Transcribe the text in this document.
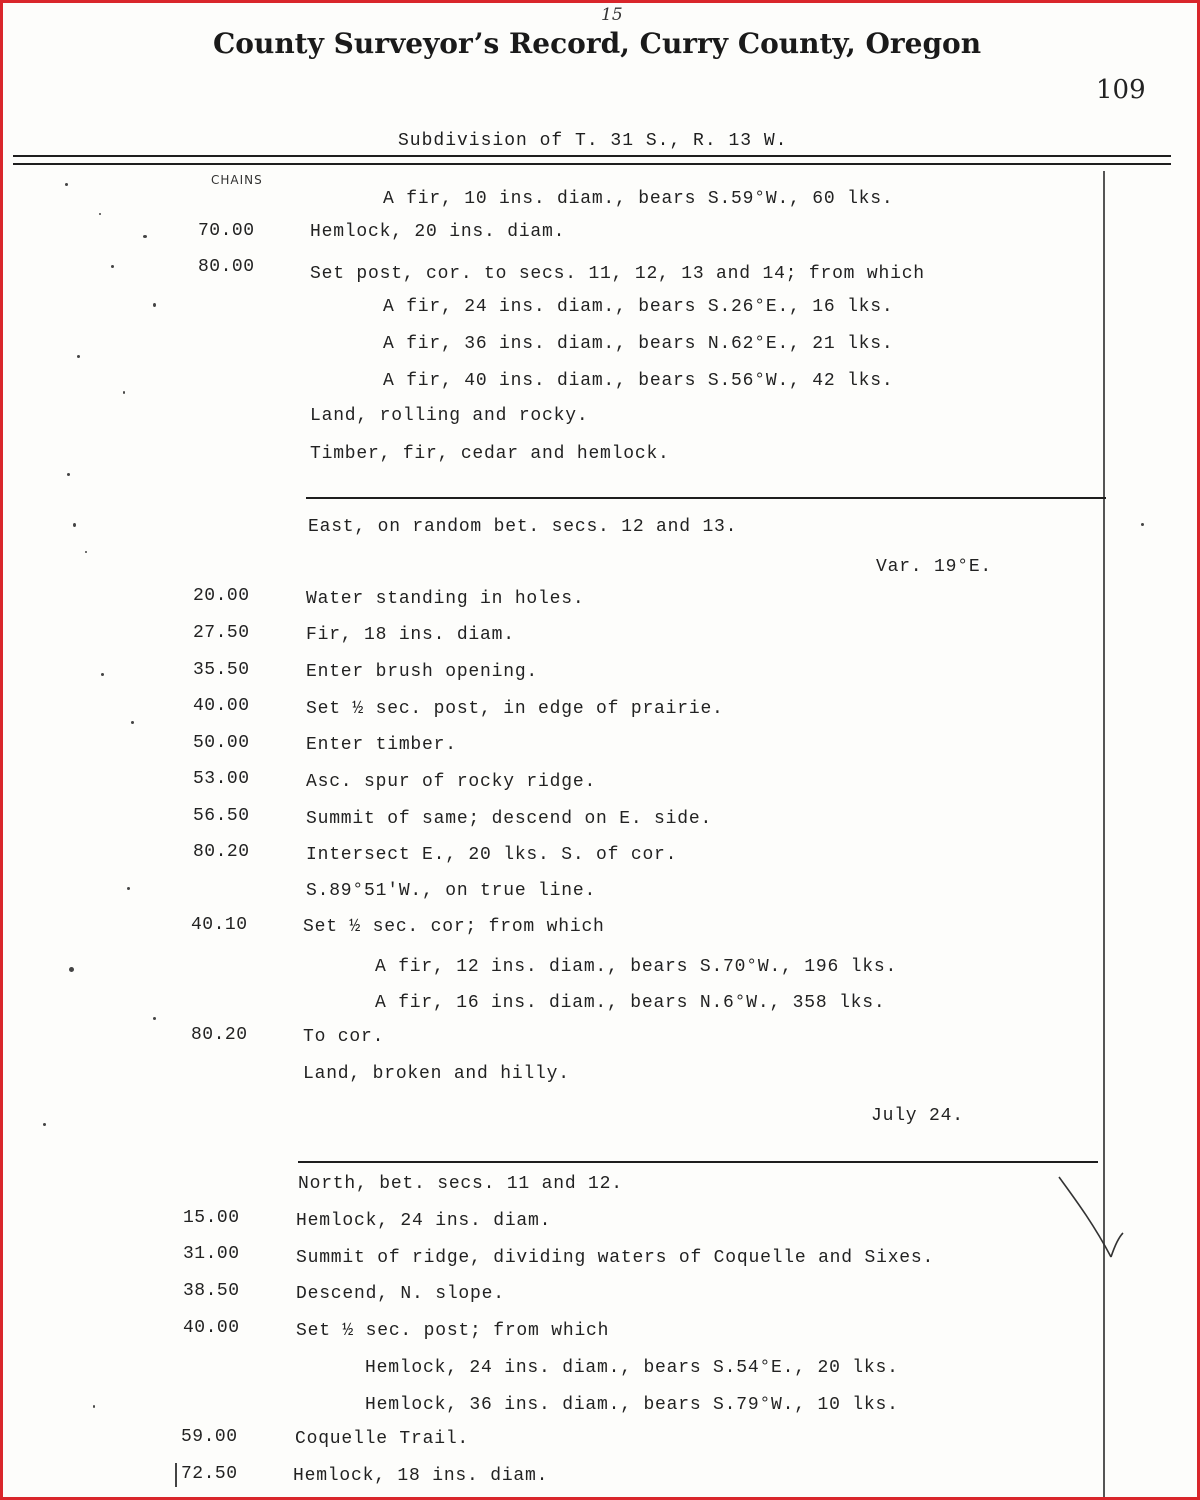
15
County Surveyor’s Record, Curry County, Oregon
109
Subdivision of T. 31 S., R. 13 W.
CHAINS
A fir, 10 ins. diam., bears S.59°W., 60 lks.
70.00	Hemlock, 20 ins. diam.
80.00	Set post, cor. to secs. 11, 12, 13 and 14; from which
A fir, 24 ins. diam., bears S.26°E., 16 lks.
A fir, 36 ins. diam., bears N.62°E., 21 lks.
A fir, 40 ins. diam., bears S.56°W., 42 lks.
Land, rolling and rocky.
Timber, fir, cedar and hemlock.
East, on random bet. secs. 12 and 13.
Var. 19°E.
20.00	Water standing in holes.
27.50	Fir, 18 ins. diam.
35.50	Enter brush opening.
40.00	Set ½ sec. post, in edge of prairie.
50.00	Enter timber.
53.00	Asc. spur of rocky ridge.
56.50	Summit of same; descend on E. side.
80.20	Intersect E., 20 lks. S. of cor.
S.89°51'W., on true line.
40.10	Set ½ sec. cor; from which
A fir, 12 ins. diam., bears S.70°W., 196 lks.
A fir, 16 ins. diam., bears N.6°W., 358 lks.
80.20	To cor.
Land, broken and hilly.
July 24.
North, bet. secs. 11 and 12.
15.00	Hemlock, 24 ins. diam.
31.00	Summit of ridge, dividing waters of Coquelle and Sixes.
38.50	Descend, N. slope.
40.00	Set ½ sec. post; from which
Hemlock, 24 ins. diam., bears S.54°E., 20 lks.
Hemlock, 36 ins. diam., bears S.79°W., 10 lks.
59.00	Coquelle Trail.
72.50	Hemlock, 18 ins. diam.
